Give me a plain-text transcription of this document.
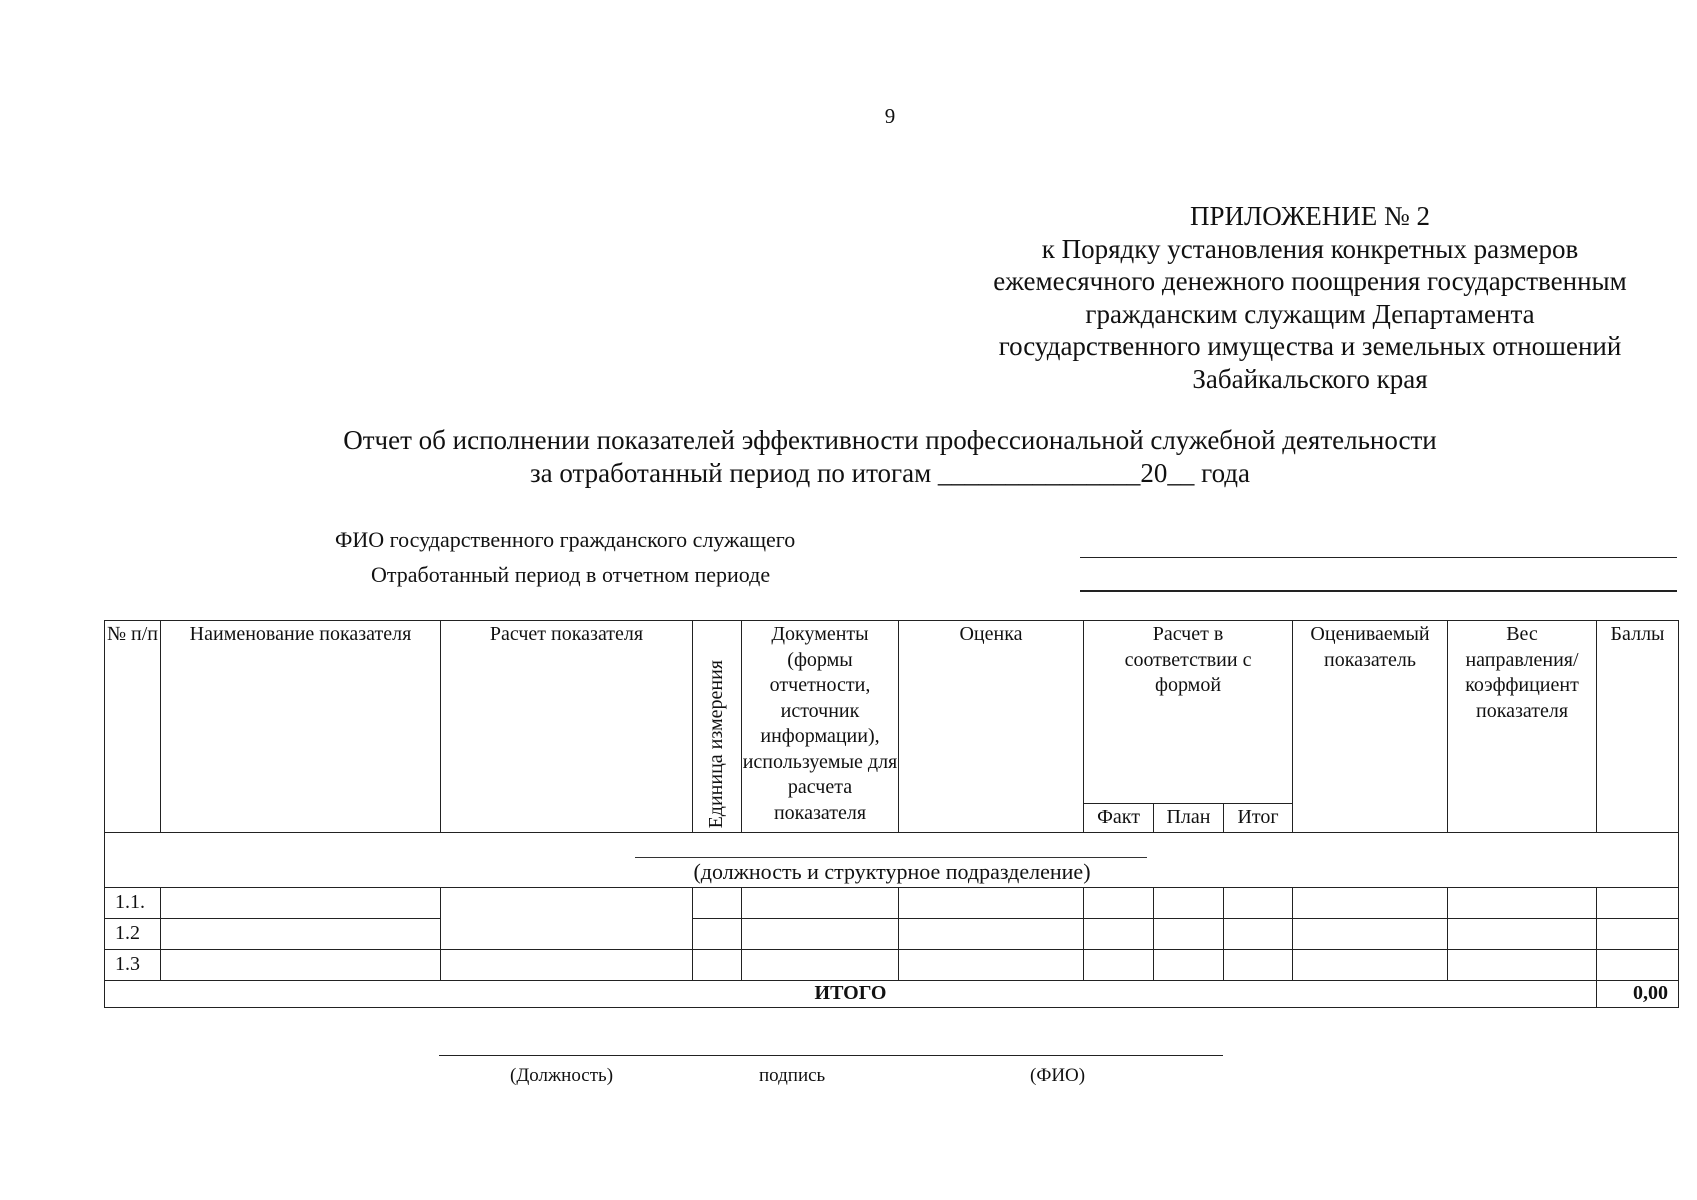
9
ПРИЛОЖЕНИЕ № 2
к Порядку установления конкретных размеров
ежемесячного денежного поощрения государственным
гражданским служащим Департамента
государственного имущества и земельных отношений
Забайкальского края
Отчет об исполнении показателей эффективности профессиональной служебной деятельности
за отработанный период по итогам _______________20__ года
ФИО государственного гражданского служащего
Отработанный период в отчетном периоде
№ п/п	Наименование показателя	Расчет показателя	Единица измерения	Документы (формы отчетности, источник информации), используемые для расчета показателя	Оценка	Расчет в соответствии с формой			Оцениваемый показатель	Вес направления/ коэффициент показателя	Баллы
						Факт	План	Итог			

(должность и структурное подразделение)											

1.1.											
1.2											
1.3											
ИТОГО											0,00
(Должность)	подпись	(ФИО)
